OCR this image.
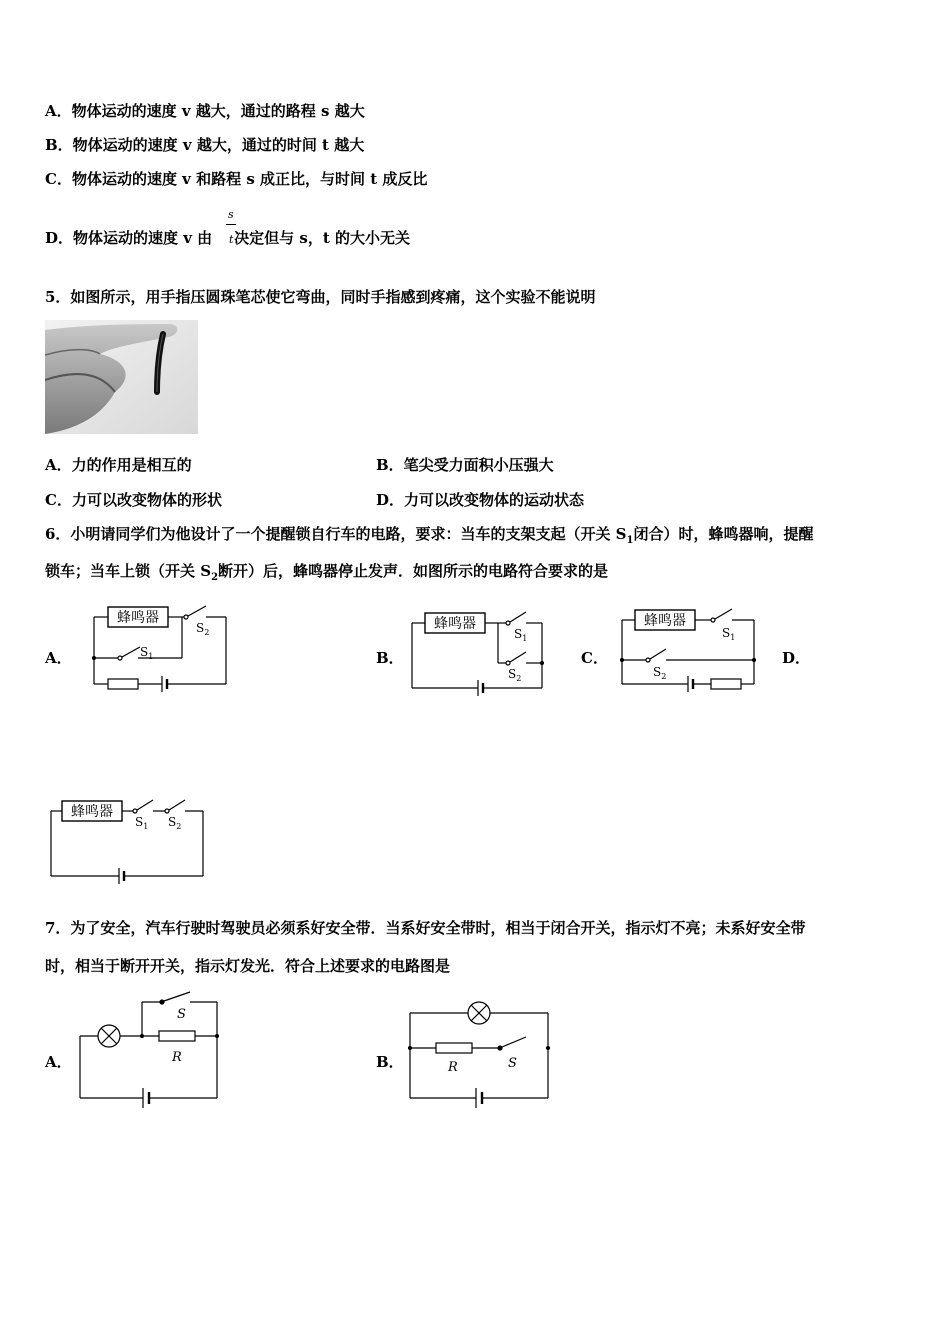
A．物体运动的速度 v 越大，通过的路程 s 越大
B．物体运动的速度 v 越大，通过的时间 t 越大
C．物体运动的速度 v 和路程 s 成正比，与时间 t 成反比
D．物体运动的速度 v 由 决定但与 s，t 的大小无关
s
t
5．如图所示，用手指压圆珠笔芯使它弯曲，同时手指感到疼痛，这个实验不能说明
A．力的作用是相互的	B．笔尖受力面积小压强大
C．力可以改变物体的形状	D．力可以改变物体的运动状态
6．小明请同学们为他设计了一个提醒锁自行车的电路，要求：当车的支架支起（开关 $S_1$闭合）时，蜂鸣器响，提醒
锁车；当车上锁（开关 $S_2$断开）后，蜂鸣器停止发声．如图所示的电路符合要求的是
A．	B．	C．	D．
蜂鸣器
$S_1$
$S_2$
蜂鸣器
$S_1$
$S_2$
蜂鸣器
$S_1$
$S_2$
蜂鸣器
$S_1$ $S_2$
7．为了安全，汽车行驶时驾驶员必须系好安全带．当系好安全带时，相当于闭合开关，指示灯不亮；未系好安全带
时，相当于断开开关，指示灯发光．符合上述要求的电路图是
A．	B．
S
R	S
R
